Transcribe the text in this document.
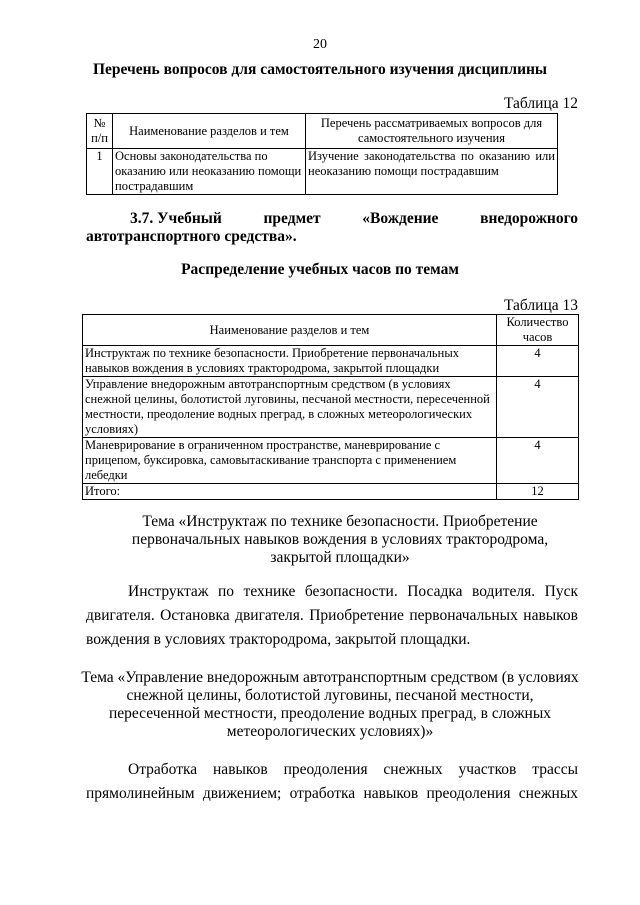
20
Перечень вопросов для самостоятельного изучения дисциплины
Таблица 12
№ п/п	Наименование разделов и тем	Перечень рассматриваемых вопросов для самостоятельного изучения
1	Основы законодательства по оказанию или неоказанию помощи пострадавшим	Изучение законодательства по оказанию или неоказанию помощи пострадавшим
3.7. Учебный	предмет	«Вождение	внедорожного
автотранспортного средства».
Распределение учебных часов по темам
Таблица 13
Наименование разделов и тем	Количество часов
Инструктаж по технике безопасности. Приобретение первоначальных навыков вождения в условиях трактородрома, закрытой площадки	4
Управление внедорожным автотранспортным средством (в условиях снежной целины, болотистой луговины, песчаной местности, пересеченной местности, преодоление водных преград, в сложных метеорологических условиях)	4
Маневрирование в ограниченном пространстве, маневрирование с прицепом, буксировка, самовытаскивание транспорта с применением лебедки	4
Итого:	12
Тема «Инструктаж по технике безопасности. Приобретение первоначальных навыков вождения в условиях трактородрома, закрытой площадки»
Инструктаж по технике безопасности. Посадка водителя. Пуск двигателя. Остановка двигателя. Приобретение первоначальных навыков вождения в условиях трактородрома, закрытой площадки.
Тема «Управление внедорожным автотранспортным средством (в условиях снежной целины, болотистой луговины, песчаной местности, пересеченной местности, преодоление водных преград, в сложных метеорологических условиях)»
Отработка навыков преодоления снежных участков трассы прямолинейным движением; отработка навыков преодоления снежных
